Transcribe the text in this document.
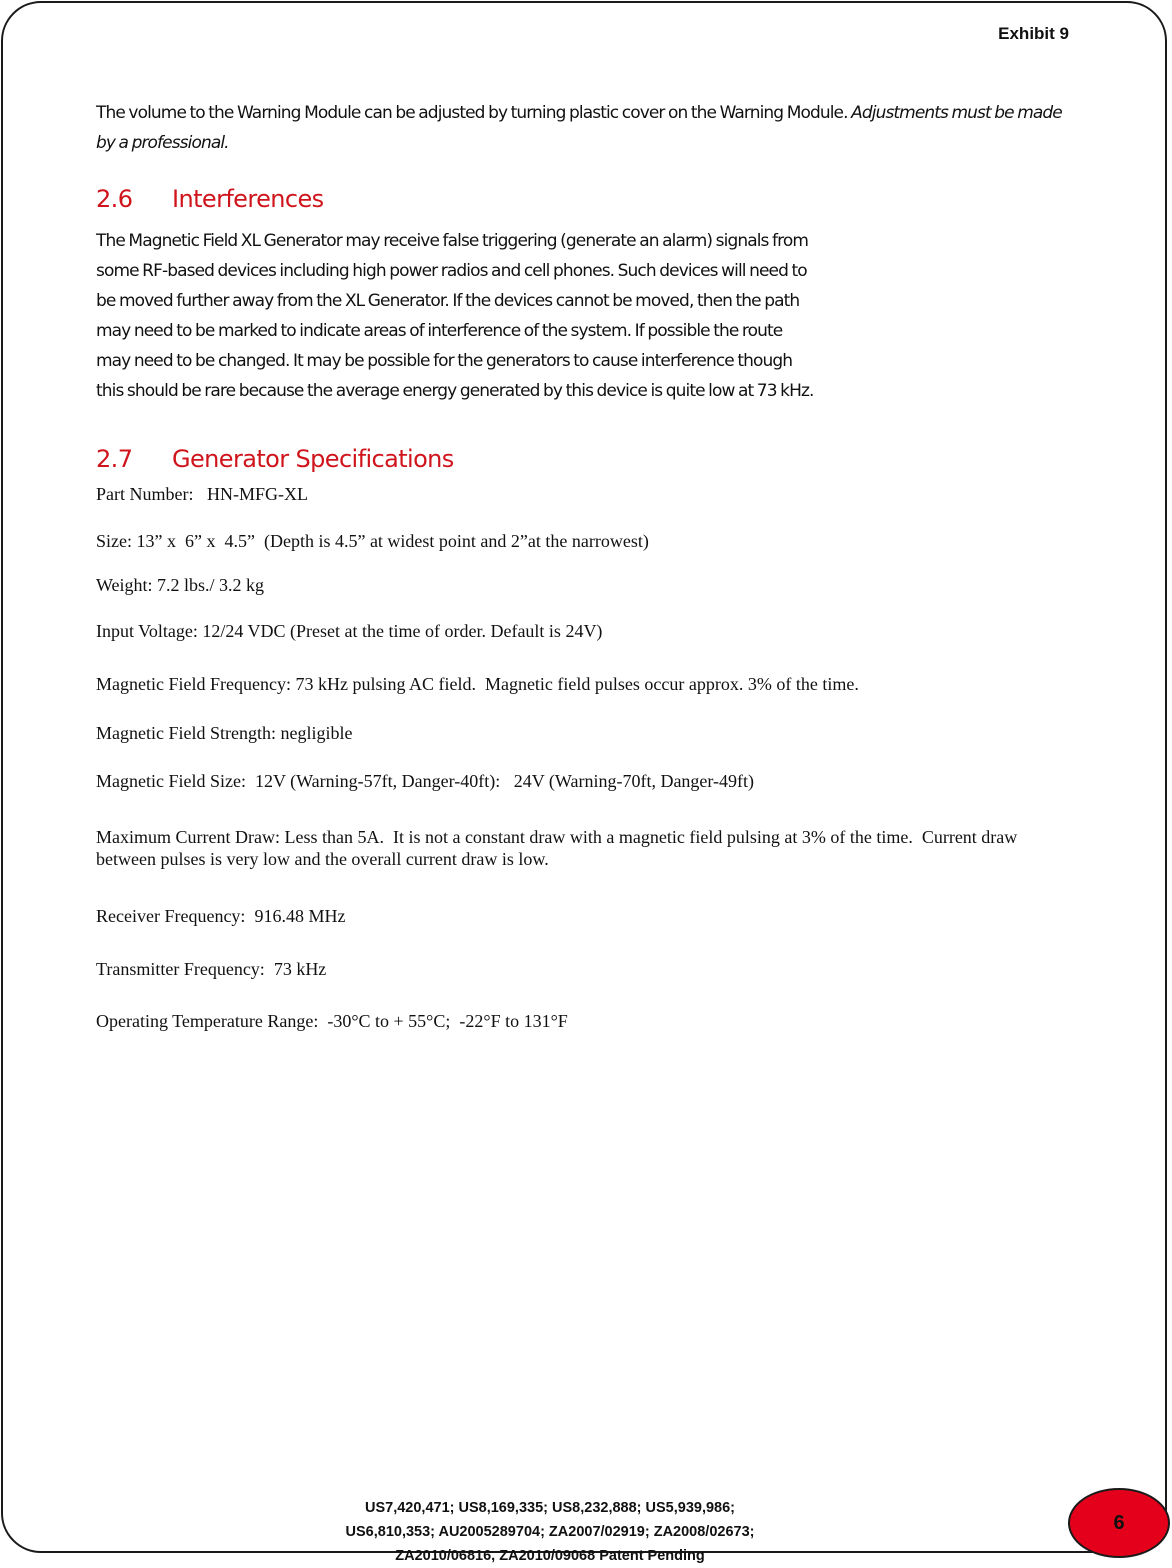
Exhibit 9
The volume to the Warning Module can be adjusted by turning plastic cover on the Warning Module. Adjustments must be made by a professional.
2.6 Interferences
The Magnetic Field XL Generator may receive false triggering (generate an alarm) signals from
some RF-based devices including high power radios and cell phones. Such devices will need to
be moved further away from the XL Generator. If the devices cannot be moved, then the path
may need to be marked to indicate areas of interference of the system. If possible the route
may need to be changed. It may be possible for the generators to cause interference though
this should be rare because the average energy generated by this device is quite low at 73 kHz.
2.7 Generator Specifications
Part Number:   HN-MFG-XL
Size: 13” x  6” x  4.5”  (Depth is 4.5” at widest point and 2”at the narrowest)
Weight: 7.2 lbs./ 3.2 kg
Input Voltage: 12/24 VDC (Preset at the time of order. Default is 24V)
Magnetic Field Frequency: 73 kHz pulsing AC field.  Magnetic field pulses occur approx. 3% of the time.
Magnetic Field Strength: negligible
Magnetic Field Size:  12V (Warning-57ft, Danger-40ft):   24V (Warning-70ft, Danger-49ft)
Maximum Current Draw: Less than 5A.  It is not a constant draw with a magnetic field pulsing at 3% of the time.  Current draw between pulses is very low and the overall current draw is low.
Receiver Frequency:  916.48 MHz
Transmitter Frequency:  73 kHz
Operating Temperature Range:  -30°C to + 55°C;  -22°F to 131°F
US7,420,471; US8,169,335; US8,232,888; US5,939,986;
US6,810,353; AU2005289704; ZA2007/02919; ZA2008/02673;
ZA2010/06816, ZA2010/09068 Patent Pending
6
